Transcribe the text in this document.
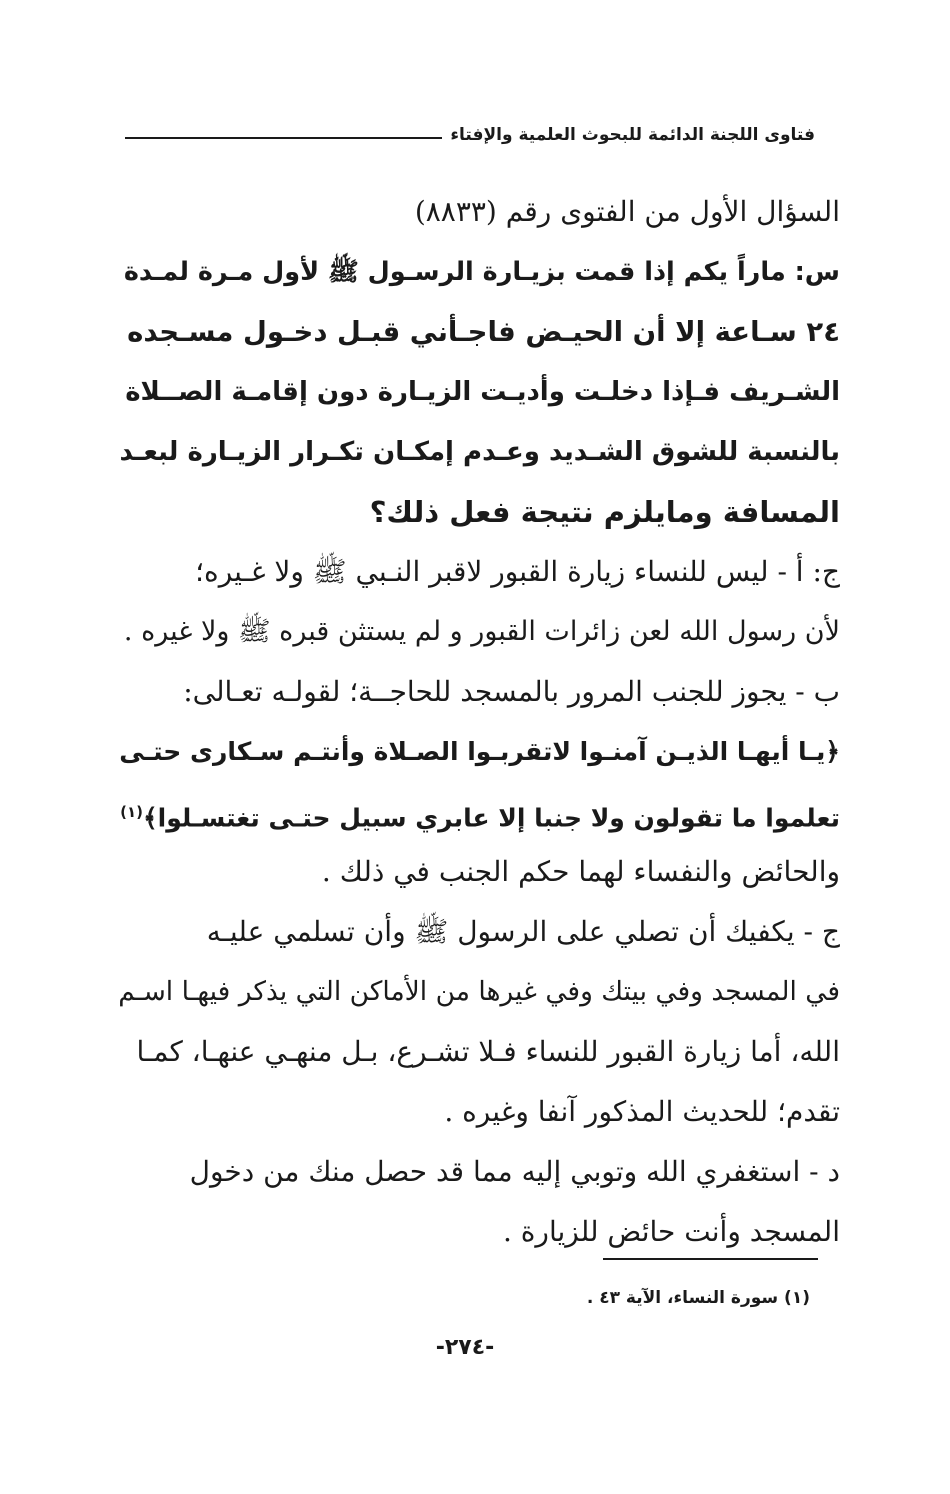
فتاوى اللجنة الدائمة للبحوث العلمية والإفتاء
السؤال الأول من الفتوى رقم (٨٨٣٣)
س: ماراً يكم إذا قمت بزيـارة الرسـول ﷺ لأول مـرة لمـدة
٢٤ سـاعة إلا أن الحيـض فاجـأني قبـل دخـول مسـجده
الشـريف فـإذا دخلـت وأديـت الزيـارة دون إقامـة الصــلاة
بالنسبة للشوق الشـديد وعـدم إمكـان تكـرار الزيـارة لبعـد
المسافة ومايلزم نتيجة فعل ذلك؟
ج: أ - ليس للنساء زيارة القبور لاقبر النـبي ﷺ ولا غـيره؛
لأن رسول الله لعن زائرات القبور و لم يستثن قبره ﷺ ولا غيره .
ب - يجوز للجنب المرور بالمسجد للحاجــة؛ لقولـه تعـالى:
﴿يـا أيهـا الذيـن آمنـوا لاتقربـوا الصـلاة وأنتـم سـكارى حتـى
تعلموا ما تقولون ولا جنبا إلا عابري سبيل حتـى تغتسـلوا﴾$^{(١)}$
والحائض والنفساء لهما حكم الجنب في ذلك .
ج - يكفيك أن تصلي على الرسول ﷺ وأن تسلمي عليـه
في المسجد وفي بيتك وفي غيرها من الأماكن التي يذكر فيهـا اسـم
الله، أما زيارة القبور للنساء فـلا تشـرع، بـل منهـي عنهـا، كمـا
تقدم؛ للحديث المذكور آنفا وغيره .
د - استغفري الله وتوبي إليه مما قد حصل منك من دخول
المسجد وأنت حائض للزيارة .
(١) سورة النساء، الآية ٤٣ .
-٢٧٤-
